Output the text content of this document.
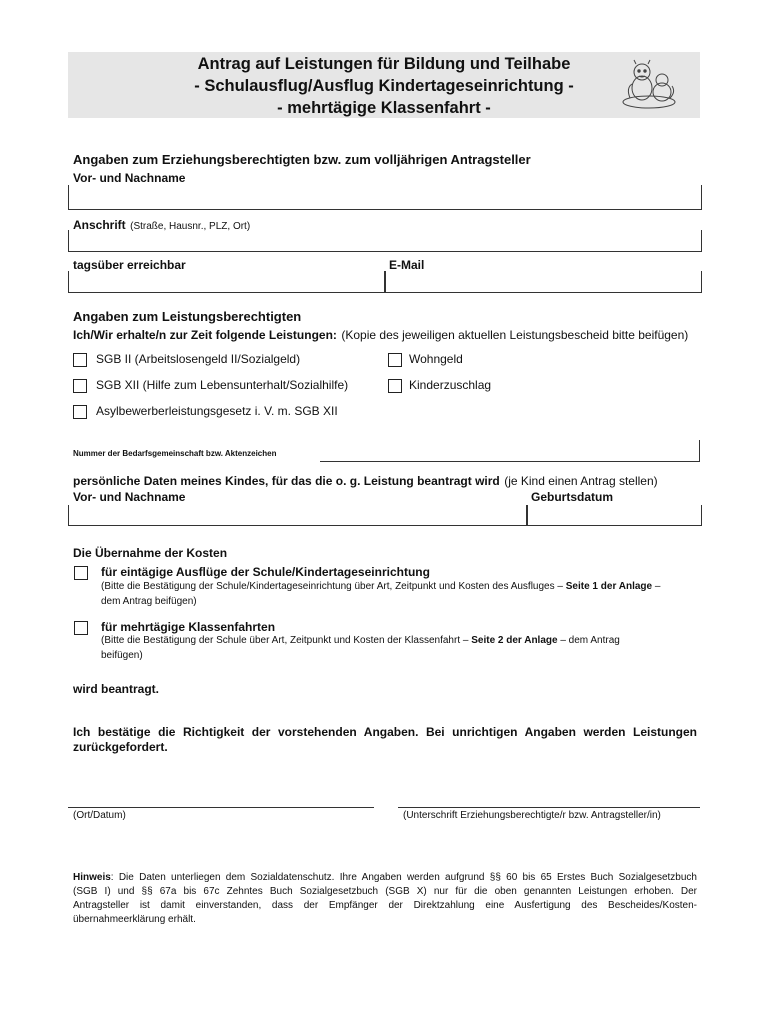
Antrag auf Leistungen für Bildung und Teilhabe
- Schulausflug/Ausflug Kindertageseinrichtung -
- mehrtägige Klassenfahrt -
Angaben zum Erziehungsberechtigten bzw. zum volljährigen Antragsteller
Vor- und Nachname
Anschrift (Straße, Hausnr., PLZ, Ort)
tagsüber erreichbar	E-Mail
Angaben zum Leistungsberechtigten
Ich/Wir erhalte/n zur Zeit folgende Leistungen: (Kopie des jeweiligen aktuellen Leistungsbescheid bitte beifügen)
SGB II (Arbeitslosengeld II/Sozialgeld)	Wohngeld
SGB XII (Hilfe zum Lebensunterhalt/Sozialhilfe)	Kinderzuschlag
Asylbewerberleistungsgesetz i. V. m. SGB XII
Nummer der Bedarfsgemeinschaft bzw. Aktenzeichen
persönliche Daten meines Kindes, für das die o. g. Leistung beantragt wird (je Kind einen Antrag stellen)
Vor- und Nachname	Geburtsdatum
Die Übernahme der Kosten
für eintägige Ausflüge der Schule/Kindertageseinrichtung
(Bitte die Bestätigung der Schule/Kindertageseinrichtung über Art, Zeitpunkt und Kosten des Ausfluges – Seite 1 der Anlage –
dem Antrag beifügen)
für mehrtägige Klassenfahrten
(Bitte die Bestätigung der Schule über Art, Zeitpunkt und Kosten der Klassenfahrt – Seite 2 der Anlage – dem Antrag
beifügen)
wird beantragt.
Ich bestätige die Richtigkeit der vorstehenden Angaben. Bei unrichtigen Angaben werden Leistungen
zurückgefordert.
(Ort/Datum)	(Unterschrift Erziehungsberechtigte/r bzw. Antragsteller/in)
Hinweis: Die Daten unterliegen dem Sozialdatenschutz. Ihre Angaben werden aufgrund §§ 60 bis 65 Erstes Buch Sozialgesetzbuch
(SGB I) und §§ 67a bis 67c Zehntes Buch Sozialgesetzbuch (SGB X) nur für die oben genannten Leistungen erhoben. Der
Antragsteller ist damit einverstanden, dass der Empfänger der Direktzahlung eine Ausfertigung des Bescheides/Kosten-
übernahmeerklärung erhält.
